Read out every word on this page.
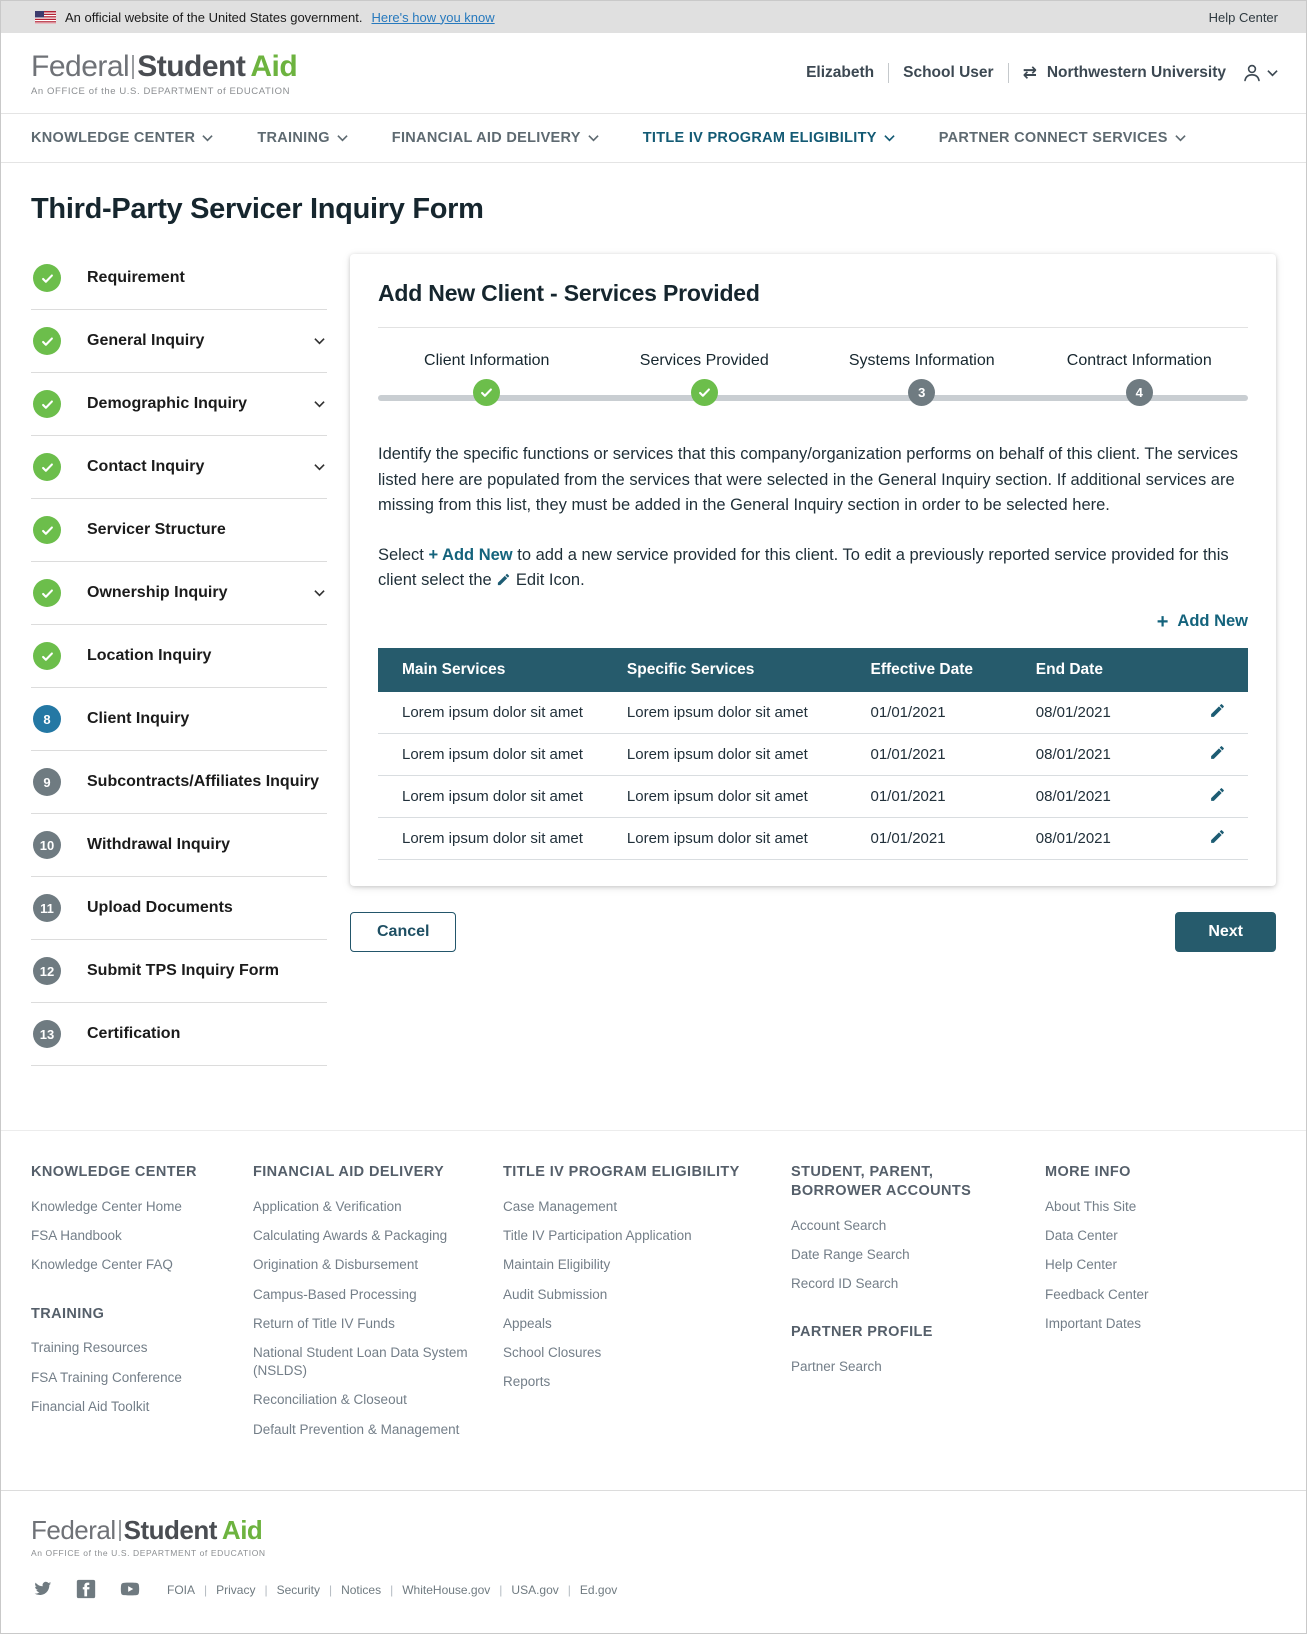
An official website of the United States government. Here's how you know	Help Center
Federal Student Aid
An OFFICE of the U.S. DEPARTMENT of EDUCATION
Elizabeth School User ⇄ Northwestern University
KNOWLEDGE CENTER	TRAINING	FINANCIAL AID DELIVERY	TITLE IV PROGRAM ELIGIBILITY	PARTNER CONNECT SERVICES
Third-Party Servicer Inquiry Form
Requirement
General Inquiry
Demographic Inquiry
Contact Inquiry
Servicer Structure
Ownership Inquiry
Location Inquiry
8	Client Inquiry
9	Subcontracts/Affiliates Inquiry
10	Withdrawal Inquiry
11	Upload Documents
12	Submit TPS Inquiry Form
13	Certification
Add New Client - Services Provided
Client Information	Services Provided	Systems Information
3
Contract Information
4

Identify the specific functions or services that this company/organization performs on behalf of this client. The services listed here are populated from the services that were selected in the General Inquiry section. If additional services are missing from this list, they must be added in the General Inquiry section in order to be selected here.

Select + Add New to add a new service provided for this client. To edit a previously reported service provided for this client select the  Edit Icon.

+ Add New
Main Services	Specific Services	Effective Date	End Date	
Lorem ipsum dolor sit amet	Lorem ipsum dolor sit amet	01/01/2021	08/01/2021	
Lorem ipsum dolor sit amet	Lorem ipsum dolor sit amet	01/01/2021	08/01/2021	
Lorem ipsum dolor sit amet	Lorem ipsum dolor sit amet	01/01/2021	08/01/2021	
Lorem ipsum dolor sit amet	Lorem ipsum dolor sit amet	01/01/2021	08/01/2021	
Cancel	Next
KNOWLEDGE CENTER
Knowledge Center Home
FSA Handbook
Knowledge Center FAQ
TRAINING
Training Resources
FSA Training Conference
Financial Aid Toolkit
FINANCIAL AID DELIVERY
Application & Verification
Calculating Awards & Packaging
Origination & Disbursement
Campus-Based Processing
Return of Title IV Funds
National Student Loan Data System (NSLDS)
Reconciliation & Closeout
Default Prevention & Management
TITLE IV PROGRAM ELIGIBILITY
Case Management
Title IV Participation Application
Maintain Eligibility
Audit Submission
Appeals
School Closures
Reports
STUDENT, PARENT, BORROWER ACCOUNTS
Account Search
Date Range Search
Record ID Search
PARTNER PROFILE
Partner Search
MORE INFO
About This Site
Data Center
Help Center
Feedback Center
Important Dates
Federal Student Aid
An OFFICE of the U.S. DEPARTMENT of EDUCATION
FOIA |	Privacy |	Security |	Notices |	WhiteHouse.gov |	USA.gov |	Ed.gov
